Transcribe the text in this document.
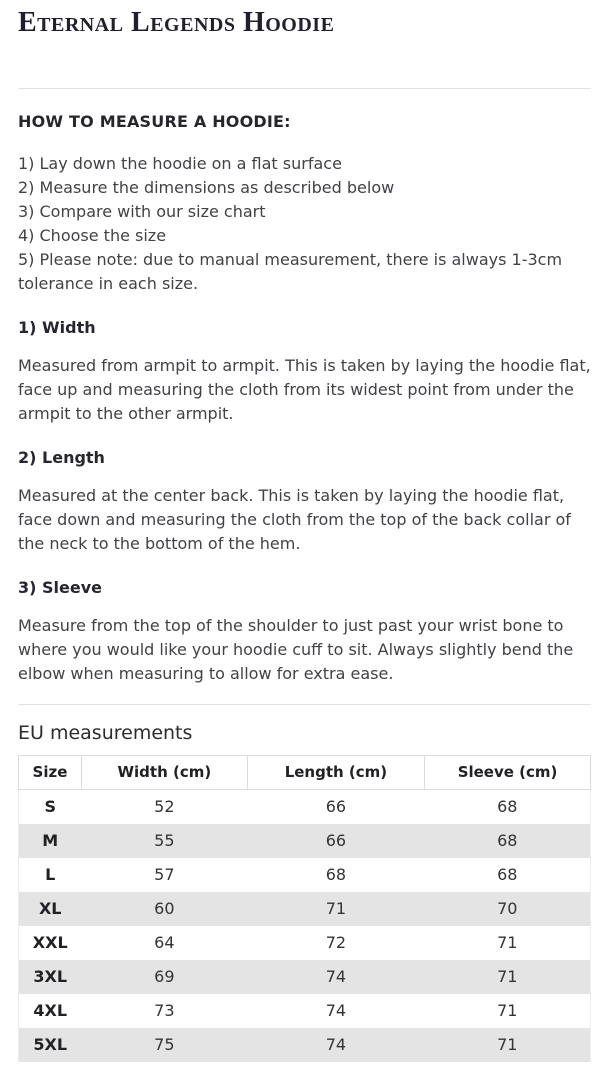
Eternal Legends Hoodie
HOW TO MEASURE A HOODIE:
1) Lay down the hoodie on a flat surface
2) Measure the dimensions as described below
3) Compare with our size chart
4) Choose the size
5) Please note: due to manual measurement, there is always 1-3cm tolerance in each size.
1) Width

Measured from armpit to armpit. This is taken by laying the hoodie flat, face up and measuring the cloth from its widest point from under the armpit to the other armpit.

2) Length

Measured at the center back. This is taken by laying the hoodie flat, face down and measuring the cloth from the top of the back collar of the neck to the bottom of the hem.

3) Sleeve

Measure from the top of the shoulder to just past your wrist bone to where you would like your hoodie cuff to sit. Always slightly bend the elbow when measuring to allow for extra ease.

EU measurements
Size	Width (cm)	Length (cm)	Sleeve (cm)
S	52	66	68
M	55	66	68
L	57	68	68
XL	60	71	70
XXL	64	72	71
3XL	69	74	71
4XL	73	74	71
5XL	75	74	71
